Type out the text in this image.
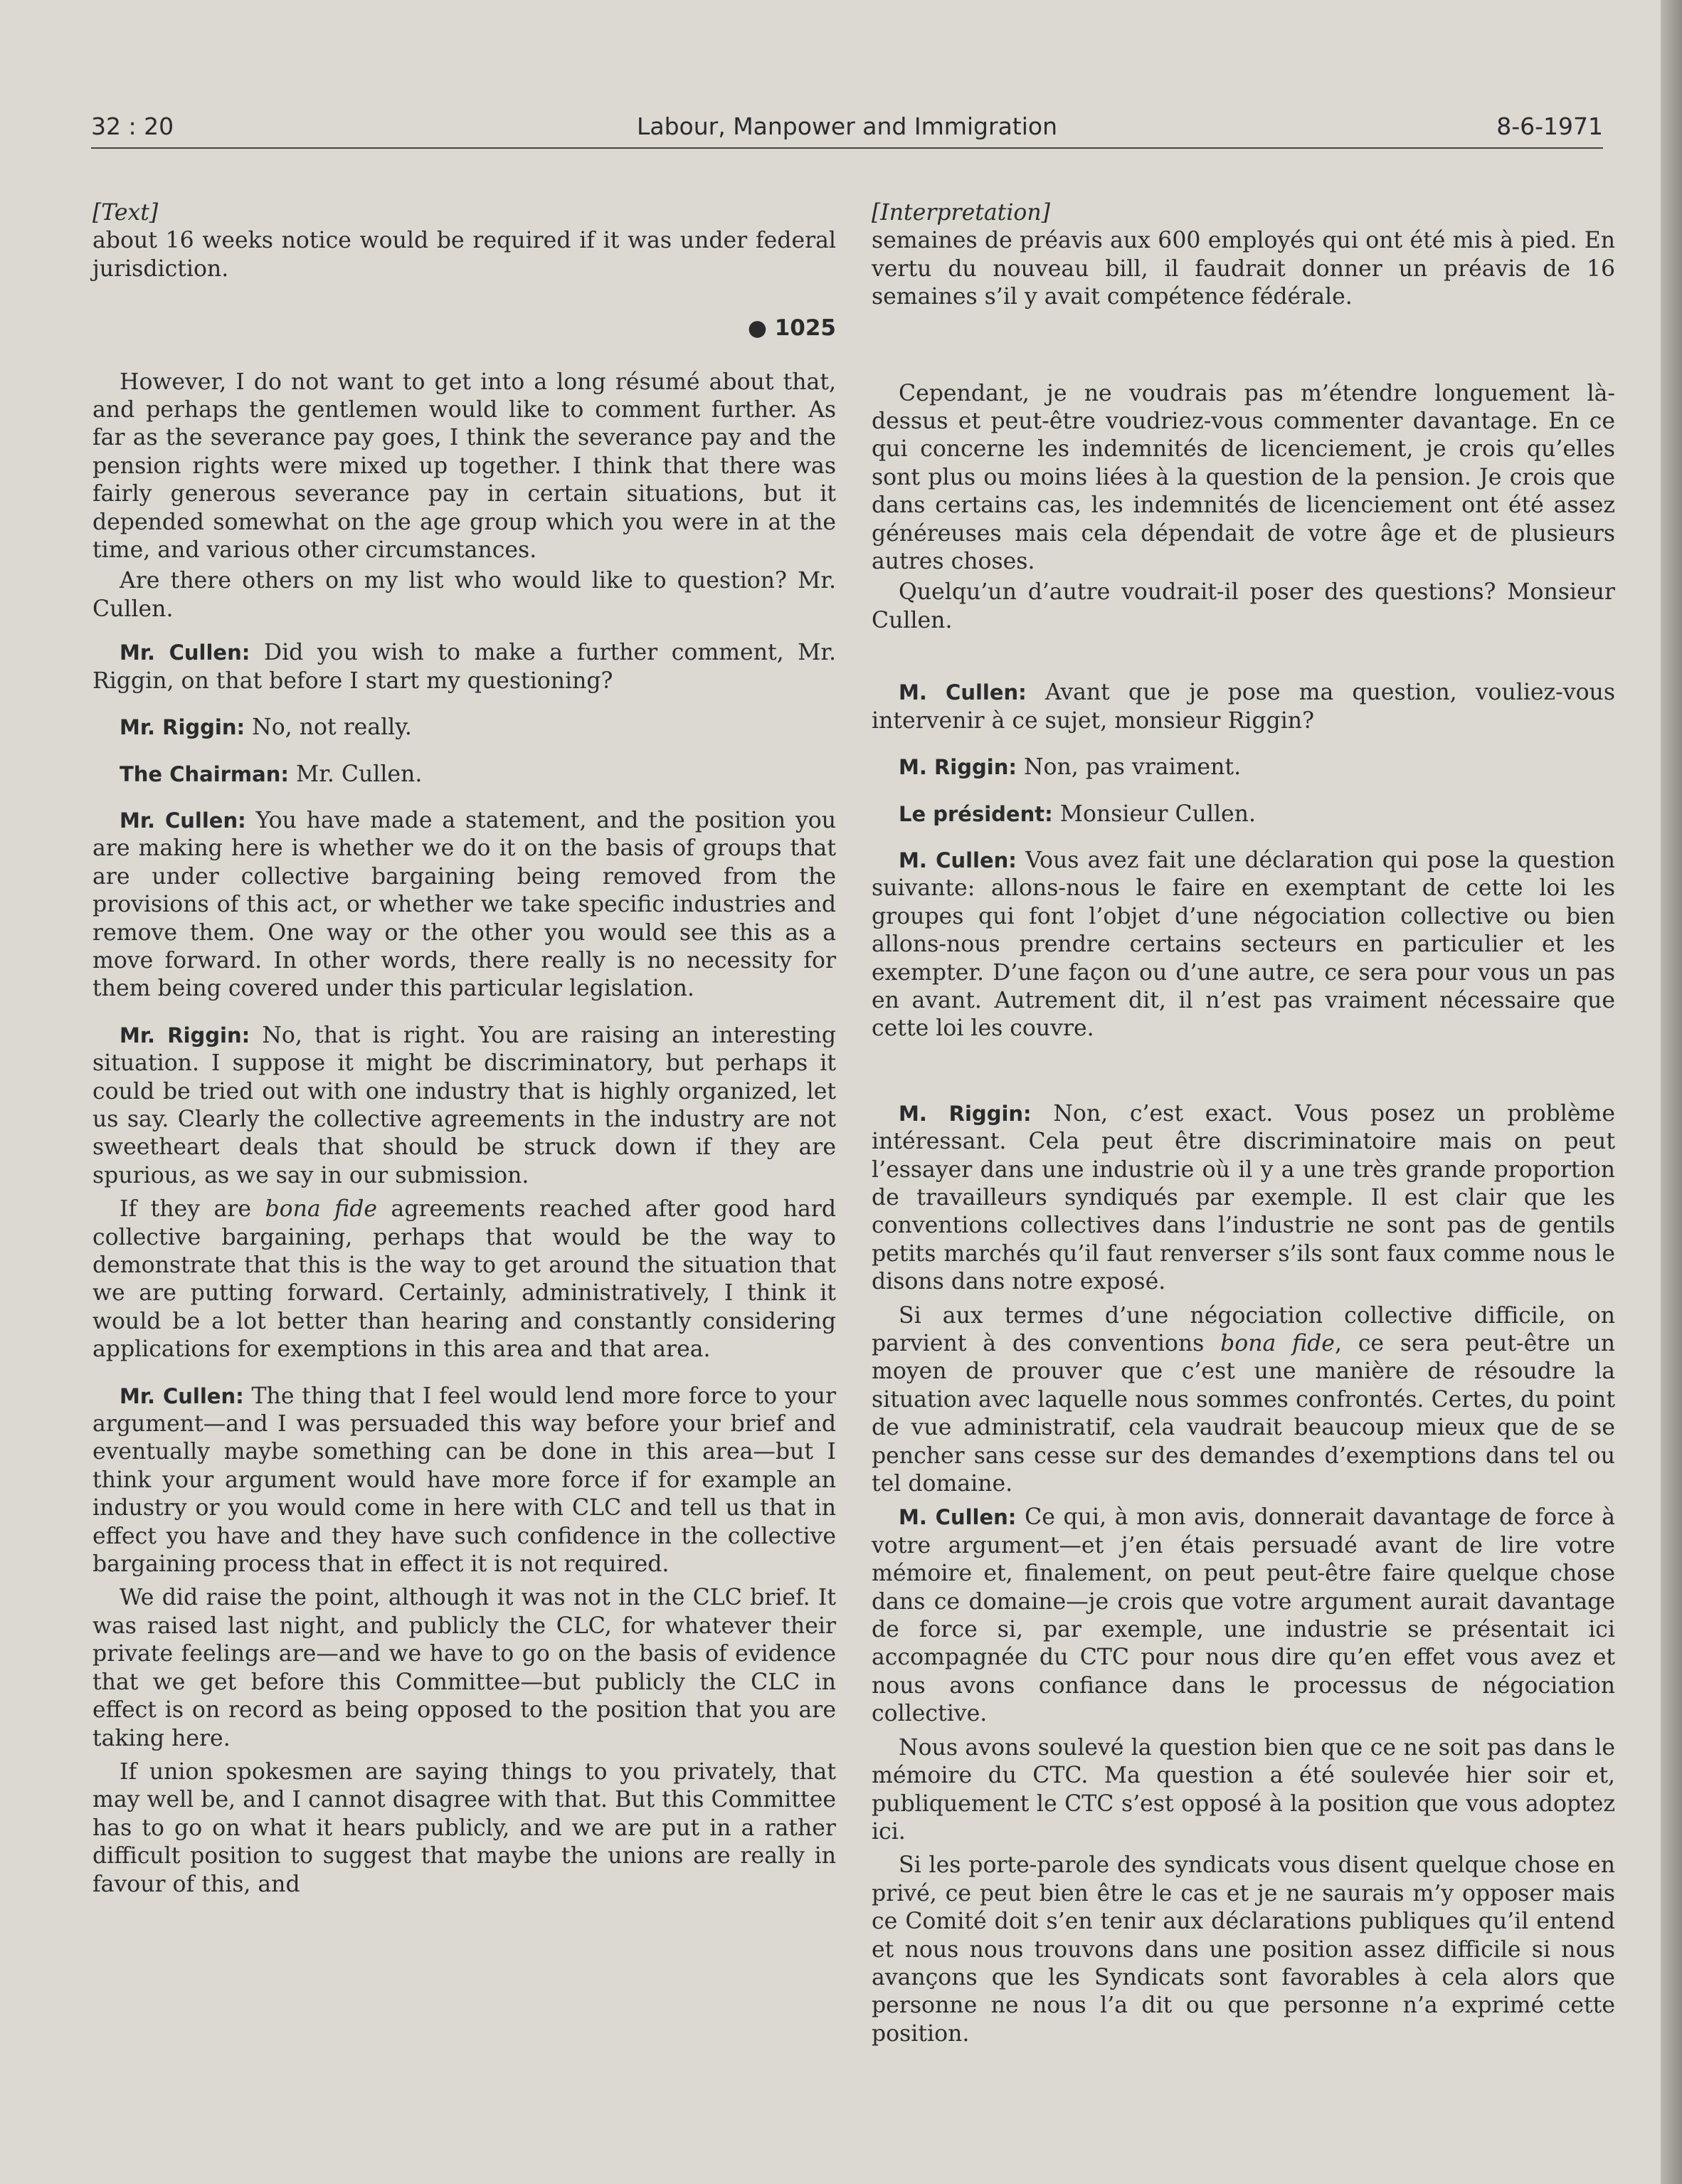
32 : 20	Labour, Manpower and Immigration	8-6-1971

[Text]

about 16 weeks notice would be required if it was under federal jurisdiction.

● 1025

However, I do not want to get into a long résumé about that, and perhaps the gentlemen would like to comment further. As far as the severance pay goes, I think the severance pay and the pension rights were mixed up together. I think that there was fairly generous severance pay in certain situations, but it depended somewhat on the age group which you were in at the time, and various other circumstances.

Are there others on my list who would like to question? Mr. Cullen.

Mr. Cullen: Did you wish to make a further comment, Mr. Riggin, on that before I start my questioning?

Mr. Riggin: No, not really.

The Chairman: Mr. Cullen.

Mr. Cullen: You have made a statement, and the position you are making here is whether we do it on the basis of groups that are under collective bargaining being removed from the provisions of this act, or whether we take specific industries and remove them. One way or the other you would see this as a move forward. In other words, there really is no necessity for them being covered under this particular legislation.

Mr. Riggin: No, that is right. You are raising an interesting situation. I suppose it might be discriminatory, but perhaps it could be tried out with one industry that is highly organized, let us say. Clearly the collective agreements in the industry are not sweetheart deals that should be struck down if they are spurious, as we say in our submission.

If they are bona fide agreements reached after good hard collective bargaining, perhaps that would be the way to demonstrate that this is the way to get around the situation that we are putting forward. Certainly, administratively, I think it would be a lot better than hearing and constantly considering applications for exemptions in this area and that area.

Mr. Cullen: The thing that I feel would lend more force to your argument—and I was persuaded this way before your brief and eventually maybe something can be done in this area—but I think your argument would have more force if for example an industry or you would come in here with CLC and tell us that in effect you have and they have such confidence in the collective bargaining process that in effect it is not required.

We did raise the point, although it was not in the CLC brief. It was raised last night, and publicly the CLC, for whatever their private feelings are—and we have to go on the basis of evidence that we get before this Committee—but publicly the CLC in effect is on record as being opposed to the position that you are taking here.

If union spokesmen are saying things to you privately, that may well be, and I cannot disagree with that. But this Committee has to go on what it hears publicly, and we are put in a rather difficult position to suggest that maybe the unions are really in favour of this, and

[Interpretation]

semaines de préavis aux 600 employés qui ont été mis à pied. En vertu du nouveau bill, il faudrait donner un préavis de 16 semaines s’il y avait compétence fédérale.

Cependant, je ne voudrais pas m’étendre longuement là-dessus et peut-être voudriez-vous commenter davantage. En ce qui concerne les indemnités de licenciement, je crois qu’elles sont plus ou moins liées à la question de la pension. Je crois que dans certains cas, les indemnités de licenciement ont été assez généreuses mais cela dépendait de votre âge et de plusieurs autres choses.

Quelqu’un d’autre voudrait-il poser des questions? Monsieur Cullen.

M. Cullen: Avant que je pose ma question, vouliez-vous intervenir à ce sujet, monsieur Riggin?

M. Riggin: Non, pas vraiment.

Le président: Monsieur Cullen.

M. Cullen: Vous avez fait une déclaration qui pose la question suivante: allons-nous le faire en exemptant de cette loi les groupes qui font l’objet d’une négociation collective ou bien allons-nous prendre certains secteurs en particulier et les exempter. D’une façon ou d’une autre, ce sera pour vous un pas en avant. Autrement dit, il n’est pas vraiment nécessaire que cette loi les couvre.

M. Riggin: Non, c’est exact. Vous posez un problème intéressant. Cela peut être discriminatoire mais on peut l’essayer dans une industrie où il y a une très grande proportion de travailleurs syndiqués par exemple. Il est clair que les conventions collectives dans l’industrie ne sont pas de gentils petits marchés qu’il faut renverser s’ils sont faux comme nous le disons dans notre exposé.

Si aux termes d’une négociation collective difficile, on parvient à des conventions bona fide, ce sera peut-être un moyen de prouver que c’est une manière de résoudre la situation avec laquelle nous sommes confrontés. Certes, du point de vue administratif, cela vaudrait beaucoup mieux que de se pencher sans cesse sur des demandes d’exemptions dans tel ou tel domaine.

M. Cullen: Ce qui, à mon avis, donnerait davantage de force à votre argument—et j’en étais persuadé avant de lire votre mémoire et, finalement, on peut peut-être faire quelque chose dans ce domaine—je crois que votre argument aurait davantage de force si, par exemple, une industrie se présentait ici accompagnée du CTC pour nous dire qu’en effet vous avez et nous avons confiance dans le processus de négociation collective.

Nous avons soulevé la question bien que ce ne soit pas dans le mémoire du CTC. Ma question a été soulevée hier soir et, publiquement le CTC s’est opposé à la position que vous adoptez ici.

Si les porte-parole des syndicats vous disent quelque chose en privé, ce peut bien être le cas et je ne saurais m’y opposer mais ce Comité doit s’en tenir aux déclarations publiques qu’il entend et nous nous trouvons dans une position assez difficile si nous avançons que les Syndicats sont favorables à cela alors que personne ne nous l’a dit ou que personne n’a exprimé cette position.
